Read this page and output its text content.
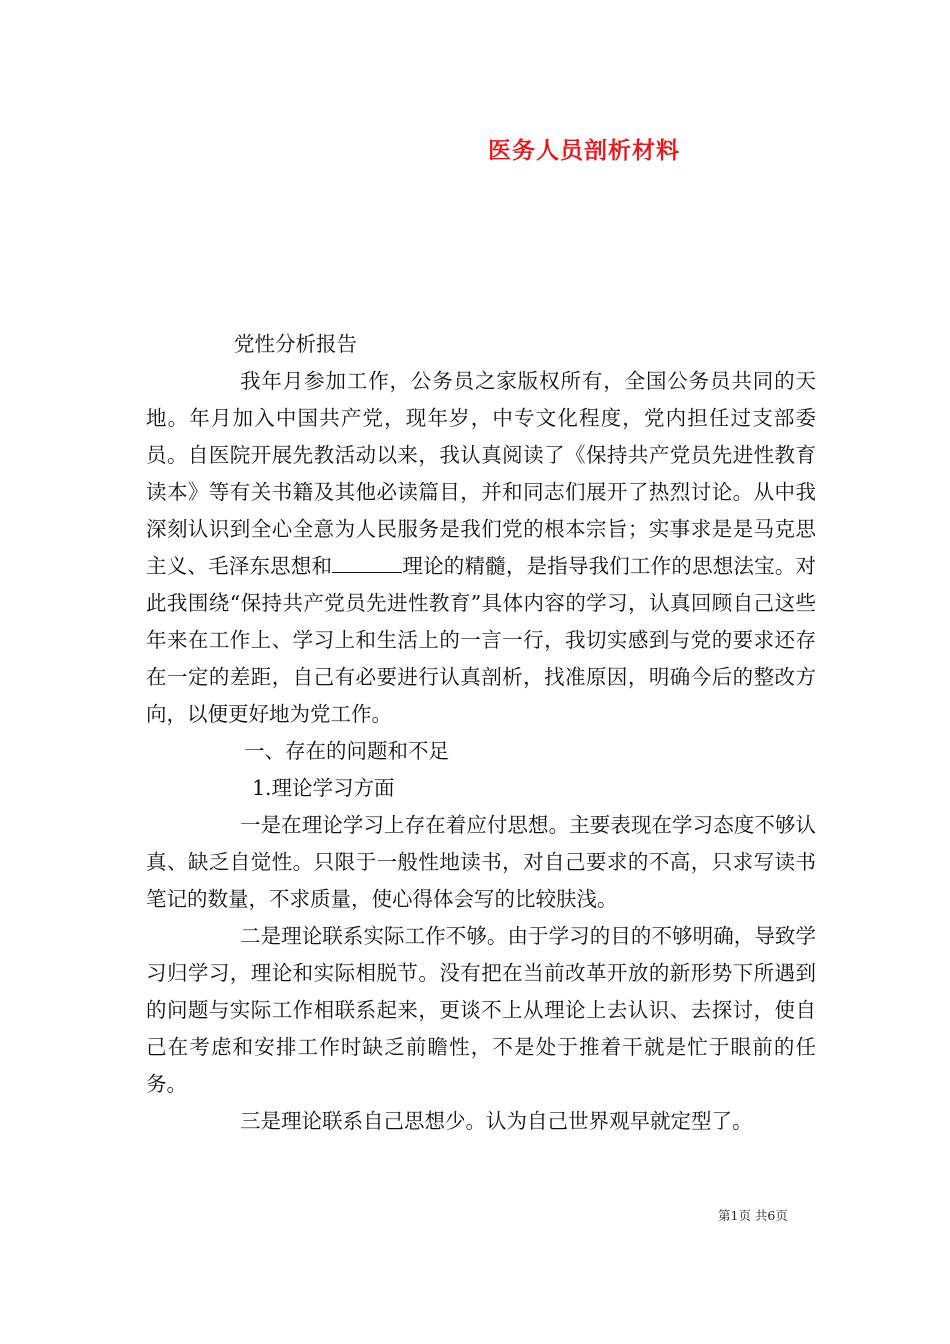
医务人员剖析材料

党性分析报告

我年月参加工作，公务员之家版权所有，全国公务员共同的天地。年月加入中国共产党，现年岁，中专文化程度，党内担任过支部委员。自医院开展先教活动以来，我认真阅读了《保持共产党员先进性教育读本》等有关书籍及其他必读篇目，并和同志们展开了热烈讨论。从中我深刻认识到全心全意为人民服务是我们党的根本宗旨；实事求是是马克思主义、毛泽东思想和	理论的精髓，是指导我们工作的思想法宝。对此我围绕“保持共产党员先进性教育”具体内容的学习，认真回顾自己这些年来在工作上、学习上和生活上的一言一行，我切实感到与党的要求还存在一定的差距，自己有必要进行认真剖析，找准原因，明确今后的整改方向，以便更好地为党工作。

一、存在的问题和不足

1.理论学习方面

一是在理论学习上存在着应付思想。主要表现在学习态度不够认真、缺乏自觉性。只限于一般性地读书，对自己要求的不高，只求写读书笔记的数量，不求质量，使心得体会写的比较肤浅。

二是理论联系实际工作不够。由于学习的目的不够明确，导致学习归学习，理论和实际相脱节。没有把在当前改革开放的新形势下所遇到的问题与实际工作相联系起来，更谈不上从理论上去认识、去探讨，使自己在考虑和安排工作时缺乏前瞻性，不是处于推着干就是忙于眼前的任务。

三是理论联系自己思想少。认为自己世界观早就定型了。

第1页 共6页
